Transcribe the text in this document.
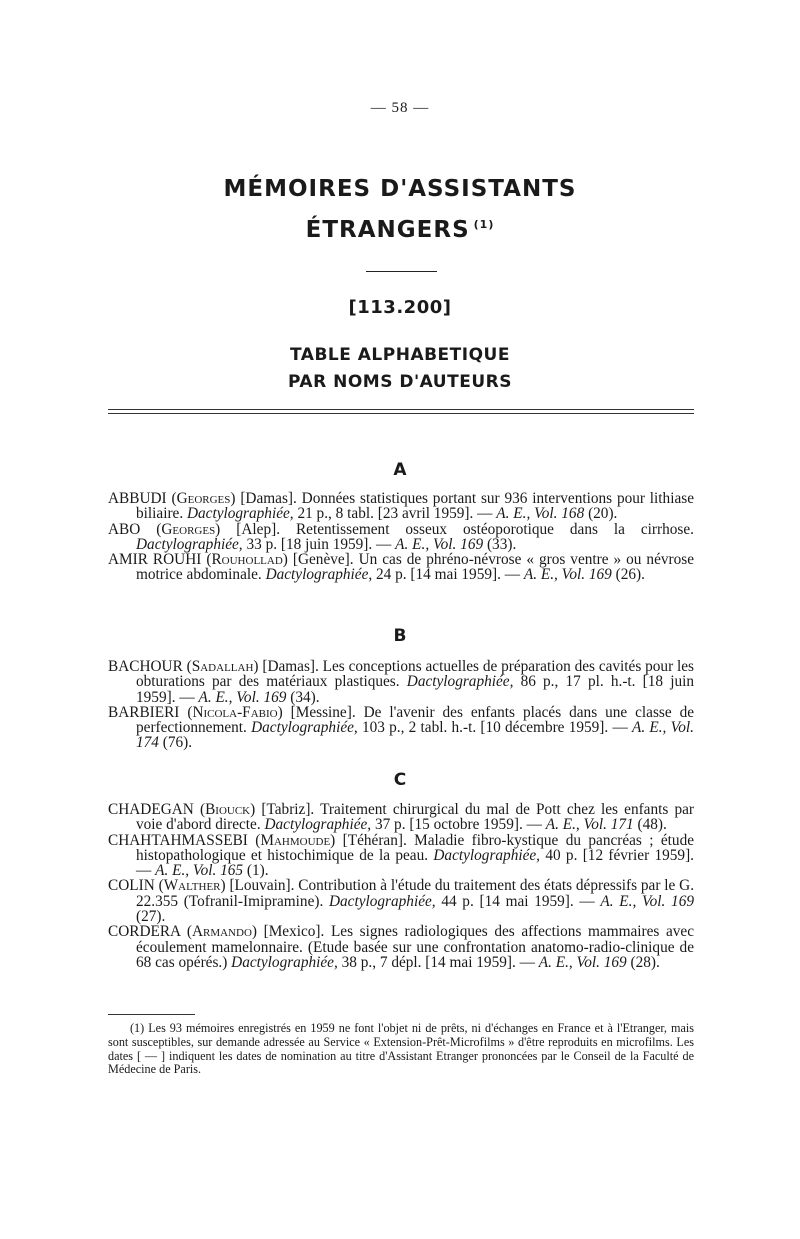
— 58 —
MÉMOIRES D'ASSISTANTS
ÉTRANGERS $^{(1)}$
[113.200]
TABLE ALPHABETIQUE
PAR NOMS D'AUTEURS
A

ABBUDI (Georges) [Damas]. Données statistiques portant sur 936 interventions pour lithiase biliaire. Dactylographiée, 21 p., 8 tabl. [23 avril 1959]. — A. E., Vol. 168 (20).

ABO (Georges) [Alep]. Retentissement osseux ostéoporotique dans la cirrhose. Dactylographiée, 33 p. [18 juin 1959]. — A. E., Vol. 169 (33).

AMIR ROUHI (Rouhollad) [Genève]. Un cas de phréno-névrose « gros ventre » ou névrose motrice abdominale. Dactylographiée, 24 p. [14 mai 1959]. — A. E., Vol. 169 (26).

B

BACHOUR (Sadallah) [Damas]. Les conceptions actuelles de préparation des cavités pour les obturations par des matériaux plastiques. Dactylographiée, 86 p., 17 pl. h.-t. [18 juin 1959]. — A. E., Vol. 169 (34).

BARBIERI (Nicola-Fabio) [Messine]. De l'avenir des enfants placés dans une classe de perfectionnement. Dactylographiée, 103 p., 2 tabl. h.-t. [10 décembre 1959]. — A. E., Vol. 174 (76).

C

CHADEGAN (Biouck) [Tabriz]. Traitement chirurgical du mal de Pott chez les enfants par voie d'abord directe. Dactylographiée, 37 p. [15 octobre 1959]. — A. E., Vol. 171 (48).

CHAHTAHMASSEBI (Mahmoude) [Téhéran]. Maladie fibro-kystique du pancréas ; étude histopathologique et histochimique de la peau. Dactylographiée, 40 p. [12 février 1959]. — A. E., Vol. 165 (1).

COLIN (Walther) [Louvain]. Contribution à l'étude du traitement des états dépressifs par le G. 22.355 (Tofranil-Imipramine). Dactylographiée, 44 p. [14 mai 1959]. — A. E., Vol. 169 (27).

CORDERA (Armando) [Mexico]. Les signes radiologiques des affections mammaires avec écoulement mamelonnaire. (Etude basée sur une confrontation anatomo-radio-clinique de 68 cas opérés.) Dactylographiée, 38 p., 7 dépl. [14 mai 1959]. — A. E., Vol. 169 (28).

(1) Les 93 mémoires enregistrés en 1959 ne font l'objet ni de prêts, ni d'échanges en France et à l'Etranger, mais sont susceptibles, sur demande adressée au Service « Extension-Prêt-Microfilms » d'être reproduits en microfilms. Les dates [ — ] indiquent les dates de nomination au titre d'Assistant Etranger prononcées par le Conseil de la Faculté de Médecine de Paris.
